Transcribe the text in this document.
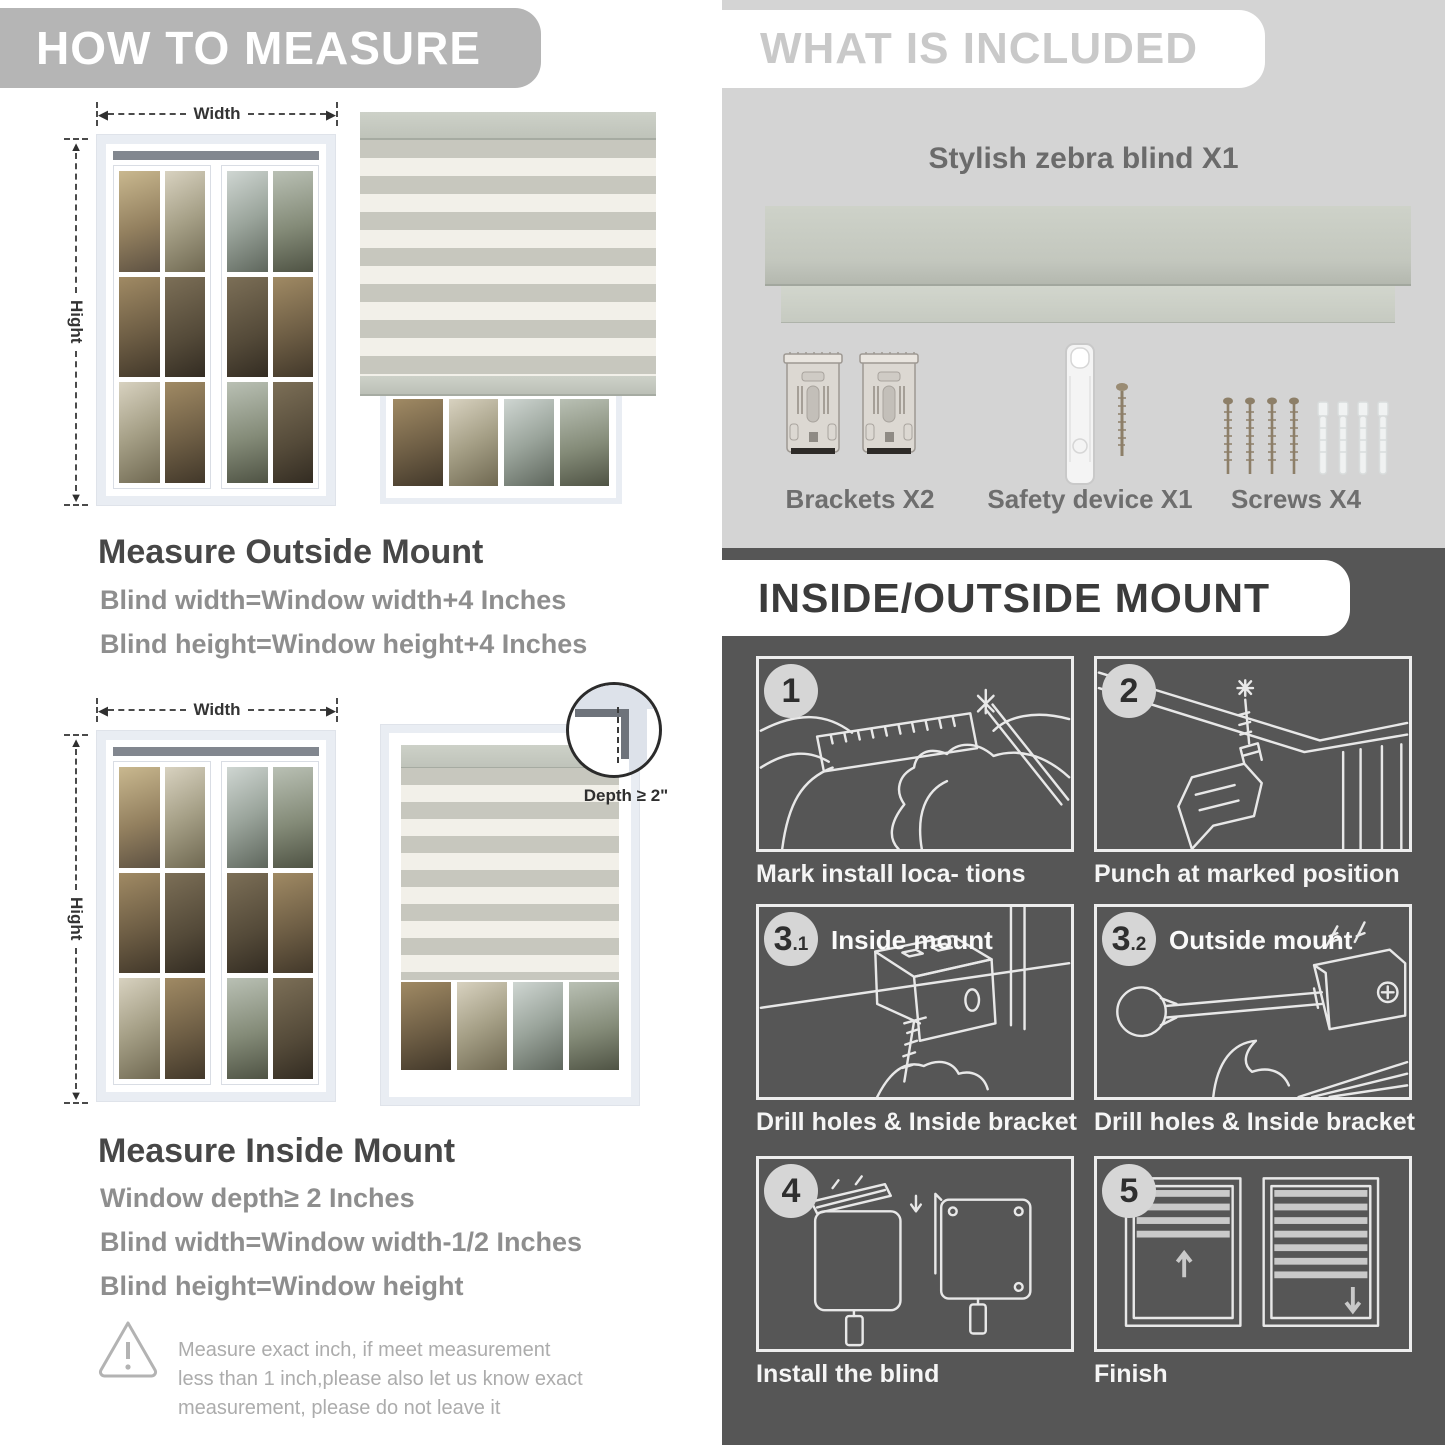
HOW TO MEASURE
◀	Width	▶
▲
Hight
▼
Measure Outside Mount

Blind width=Window width+4 Inches

Blind height=Window height+4 Inches

◀	Width	▶
▲
Hight
▼
Depth ≥ 2"
Measure Inside Mount

Window depth≥ 2 Inches

Blind width=Window width-1/2 Inches

Blind height=Window height

Measure exact inch, if meet measurement less than 1 inch,please also let us know exact measurement, please do not leave it

WHAT IS INCLUDED
Stylish zebra blind X1
Brackets X2	Safety device X1	Screws X4
INSIDE/OUTSIDE MOUNT
1
Mark install loca- tions
2
Punch at marked position
3 .1 Inside mount
Drill holes & Inside bracket
3 .2 Outside mount
Drill holes & Inside bracket
4
Install the blind
5
Finish
